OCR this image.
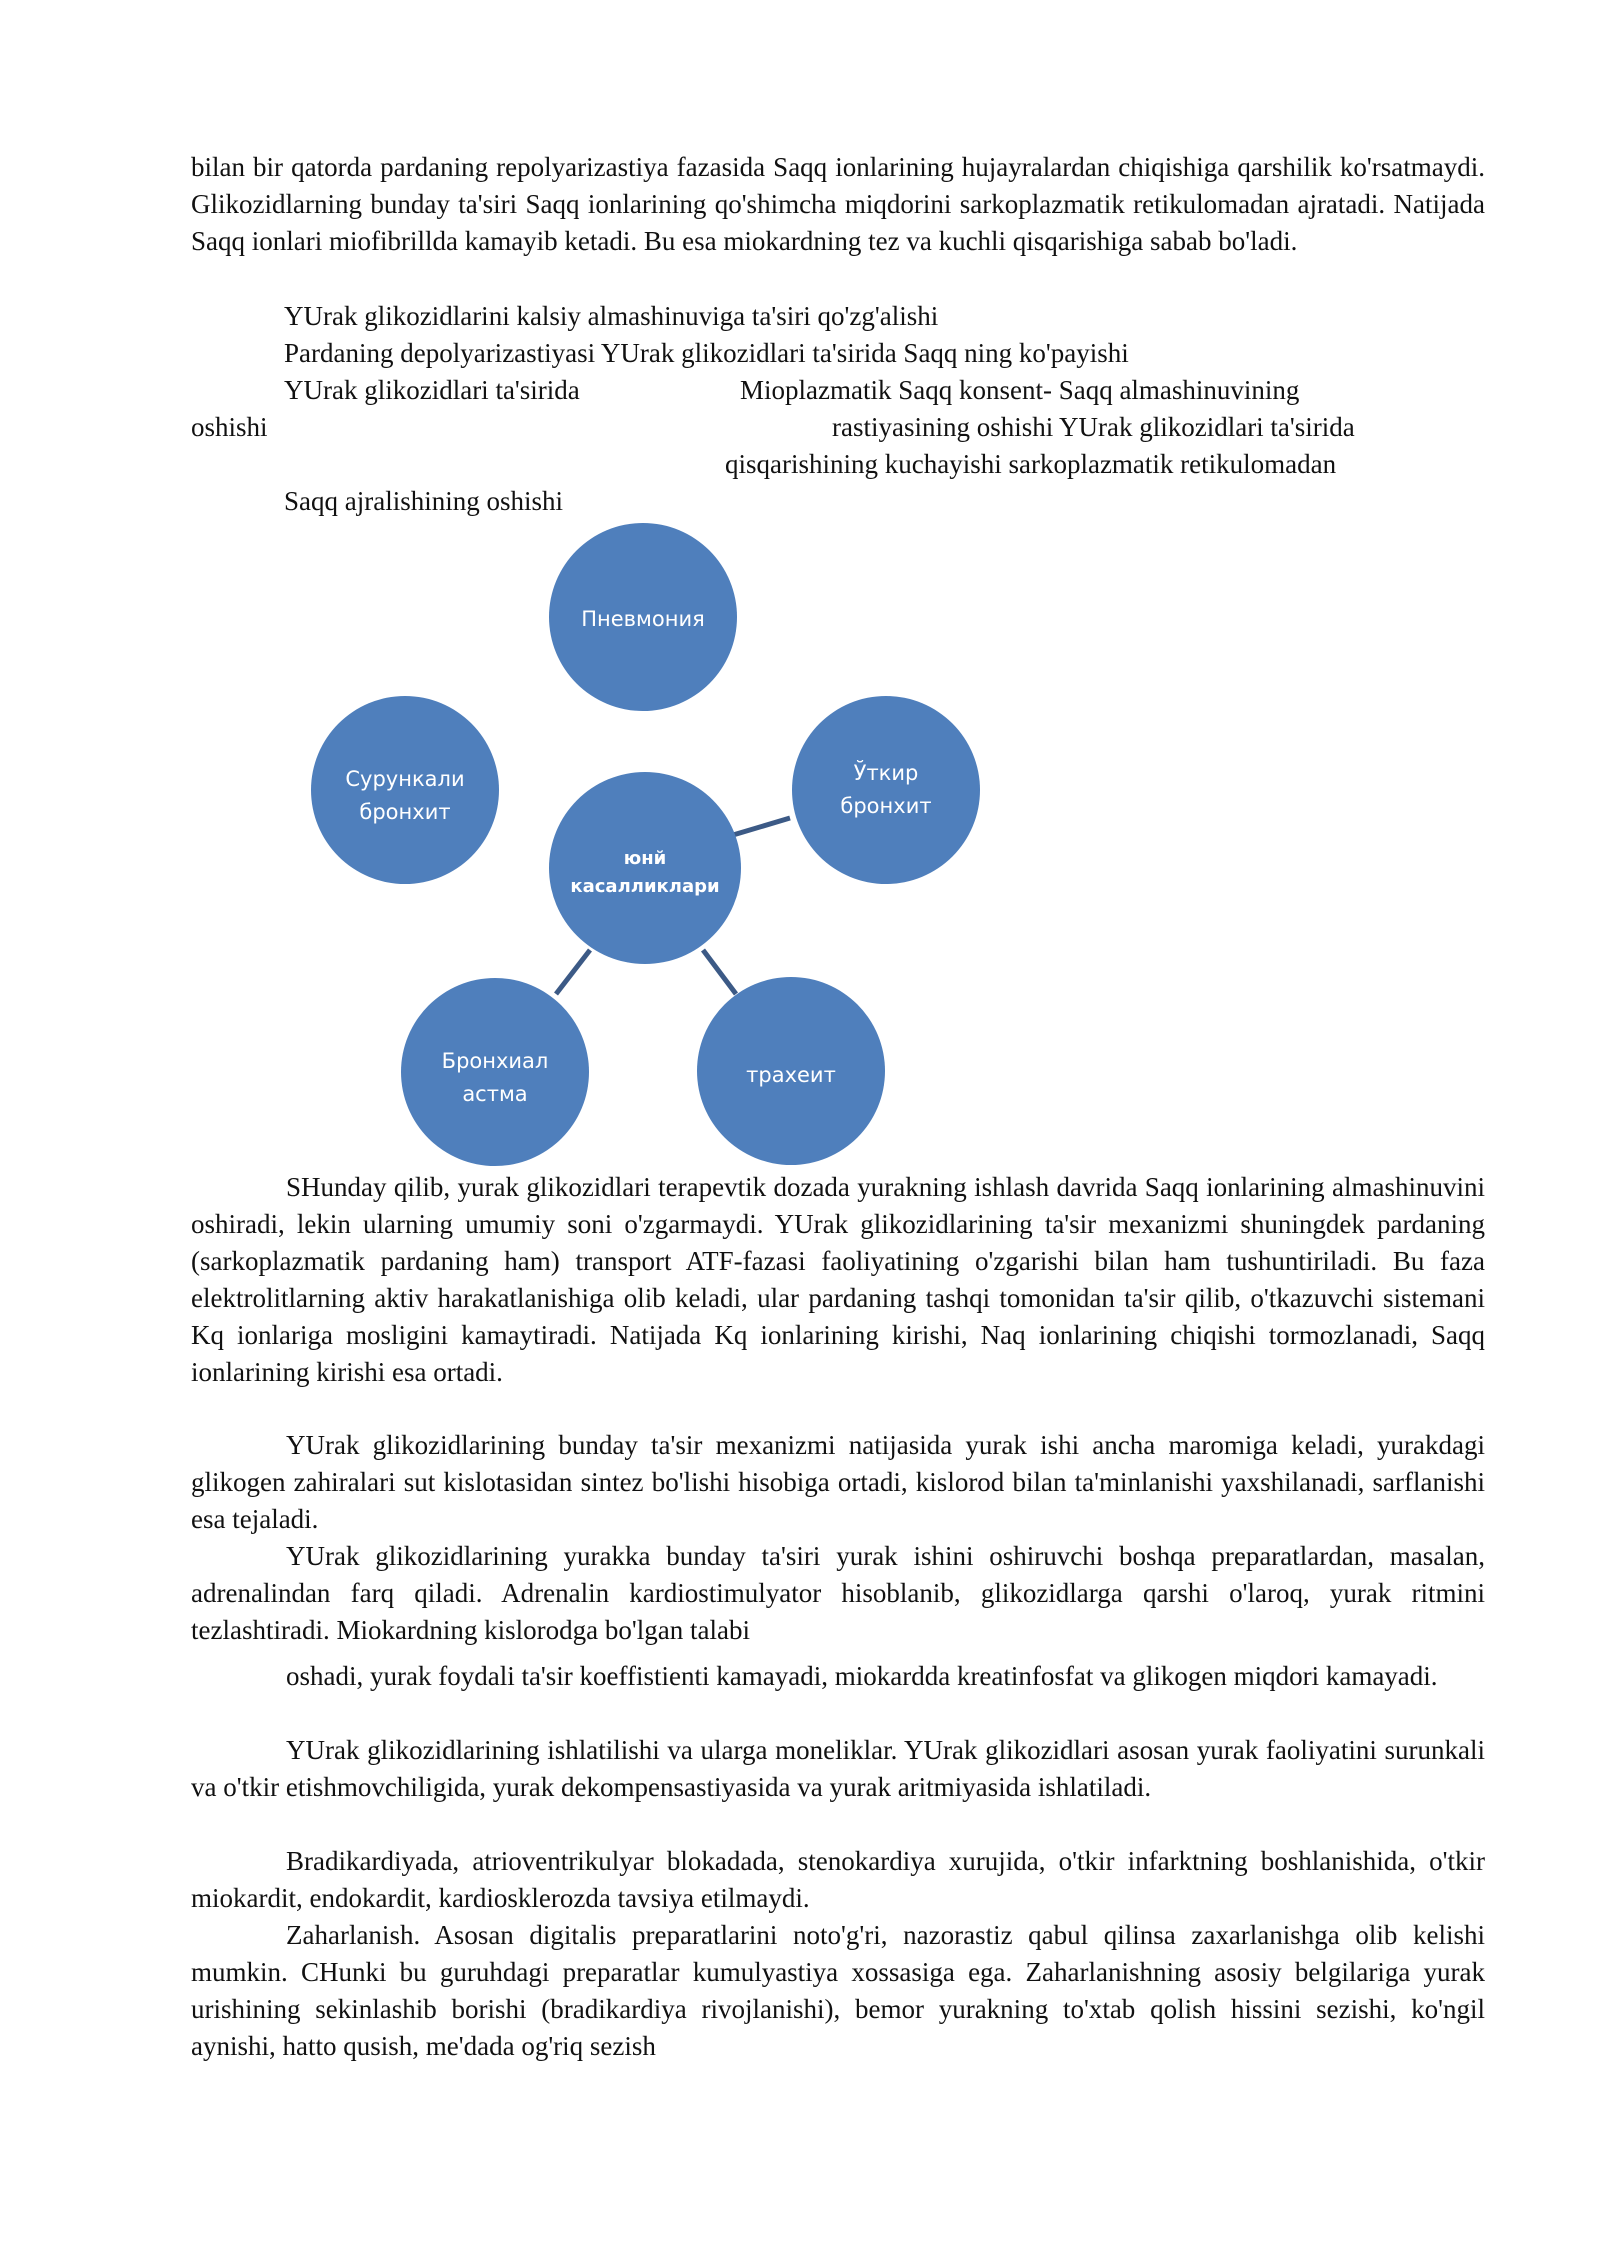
bilan bir qatorda pardaning repolyarizastiya fazasida Saqq ionlarining hujayralardan chiqishiga qarshilik ko'rsatmaydi. Glikozidlarning bunday ta'siri Saqq ionlarining qo'shimcha miqdorini sarkoplazmatik retikulomadan ajratadi. Natijada Saqq ionlari miofibrillda kamayib ketadi. Bu esa miokardning tez va kuchli qisqarishiga sabab bo'ladi.

YUrak glikozidlarini kalsiy almashinuviga ta'siri qo'zg'alishi
Pardaning depolyarizastiyasi YUrak glikozidlari ta'sirida Saqq ning ko'payishi
YUrak glikozidlari ta'sirida	Mioplazmatik Saqq konsent- Saqq almashinuvining
oshishi	rastiyasining oshishi YUrak glikozidlari ta'sirida
qisqarishining kuchayishi sarkoplazmatik retikulomadan
Saqq ajralishining oshishi
Пневмония
Ўткир
бронхит
Сурункали
бронхит
юнй
касалликлари
Бронхиал
астма
трахеит

SHunday qilib, yurak glikozidlari terapevtik dozada yurakning ishlash davrida Saqq ionlarining almashinuvini oshiradi, lekin ularning umumiy soni o'zgarmaydi. YUrak glikozidlarining ta'sir mexanizmi shuningdek pardaning (sarkoplazmatik pardaning ham) transport ATF-fazasi faoliyatining o'zgarishi bilan ham tushuntiriladi. Bu faza elektrolitlarning aktiv harakatlanishiga olib keladi, ular pardaning tashqi tomonidan ta'sir qilib, o'tkazuvchi sistemani Kq ionlariga mosligini kamaytiradi. Natijada Kq ionlarining kirishi, Naq ionlarining chiqishi tormozlanadi, Saqq ionlarining kirishi esa ortadi.

YUrak glikozidlarining bunday ta'sir mexanizmi natijasida yurak ishi ancha maromiga keladi, yurakdagi glikogen zahiralari sut kislotasidan sintez bo'lishi hisobiga ortadi, kislorod bilan ta'minlanishi yaxshilanadi, sarflanishi esa tejaladi.

YUrak glikozidlarining yurakka bunday ta'siri yurak ishini oshiruvchi boshqa preparatlardan, masalan, adrenalindan farq qiladi. Adrenalin kardiostimulyator hisoblanib, glikozidlarga qarshi o'laroq, yurak ritmini tezlashtiradi. Miokardning kislorodga bo'lgan talabi

oshadi, yurak foydali ta'sir koeffistienti kamayadi, miokardda kreatinfosfat va glikogen miqdori kamayadi.

YUrak glikozidlarining ishlatilishi va ularga moneliklar. YUrak glikozidlari asosan yurak faoliyatini surunkali va o'tkir etishmovchiligida, yurak dekompensastiyasida va yurak aritmiyasida ishlatiladi.

Bradikardiyada, atrioventrikulyar blokadada, stenokardiya xurujida, o'tkir infarktning boshlanishida, o'tkir miokardit, endokardit, kardiosklerozda tavsiya etilmaydi.

Zaharlanish. Asosan digitalis preparatlarini noto'g'ri, nazorastiz qabul qilinsa zaxarlanishga olib kelishi mumkin. CHunki bu guruhdagi preparatlar kumulyastiya xossasiga ega. Zaharlanishning asosiy belgilariga yurak urishining sekinlashib borishi (bradikardiya rivojlanishi), bemor yurakning to'xtab qolish hissini sezishi, ko'ngil aynishi, hatto qusish, me'dada og'riq sezish
